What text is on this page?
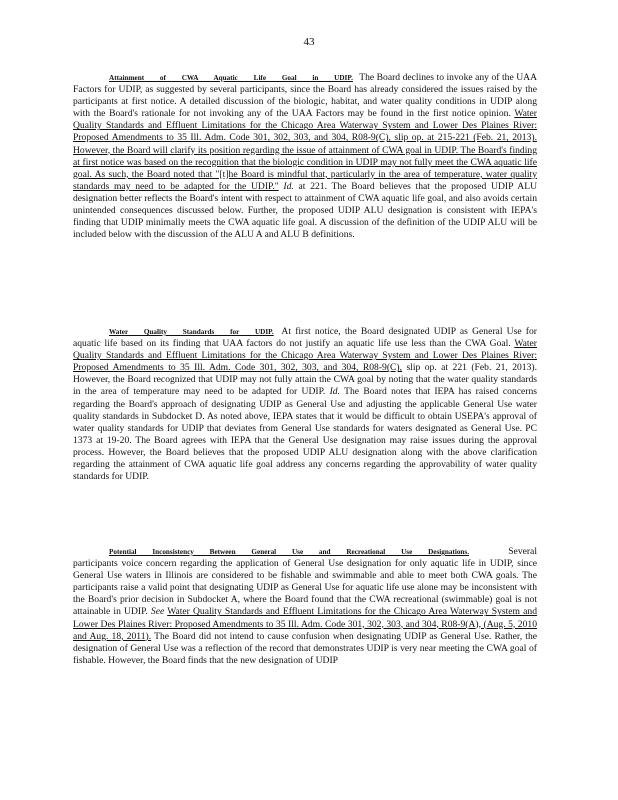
43
Attainment of CWA Aquatic Life Goal in UDIP. The Board declines to invoke any of the UAA Factors for UDIP, as suggested by several participants, since the Board has already considered the issues raised by the participants at first notice. A detailed discussion of the biologic, habitat, and water quality conditions in UDIP along with the Board's rationale for not invoking any of the UAA Factors may be found in the first notice opinion. Water Quality Standards and Effluent Limitations for the Chicago Area Waterway System and Lower Des Plaines River: Proposed Amendments to 35 Ill. Adm. Code 301, 302, 303, and 304, R08-9(C), slip op. at 215-221 (Feb. 21, 2013). However, the Board will clarify its position regarding the issue of attainment of CWA goal in UDIP. The Board's finding at first notice was based on the recognition that the biologic condition in UDIP may not fully meet the CWA aquatic life goal. As such, the Board noted that "[t]he Board is mindful that, particularly in the area of temperature, water quality standards may need to be adapted for the UDIP." Id. at 221. The Board believes that the proposed UDIP ALU designation better reflects the Board's intent with respect to attainment of CWA aquatic life goal, and also avoids certain unintended consequences discussed below. Further, the proposed UDIP ALU designation is consistent with IEPA's finding that UDIP minimally meets the CWA aquatic life goal. A discussion of the definition of the UDIP ALU will be included below with the discussion of the ALU A and ALU B definitions.
Water Quality Standards for UDIP. At first notice, the Board designated UDIP as General Use for aquatic life based on its finding that UAA factors do not justify an aquatic life use less than the CWA Goal. Water Quality Standards and Effluent Limitations for the Chicago Area Waterway System and Lower Des Plaines River: Proposed Amendments to 35 Ill. Adm. Code 301, 302, 303, and 304, R08-9(C), slip op. at 221 (Feb. 21, 2013). However, the Board recognized that UDIP may not fully attain the CWA goal by noting that the water quality standards in the area of temperature may need to be adapted for UDIP. Id. The Board notes that IEPA has raised concerns regarding the Board's approach of designating UDIP as General Use and adjusting the applicable General Use water quality standards in Subdocket D. As noted above, IEPA states that it would be difficult to obtain USEPA's approval of water quality standards for UDIP that deviates from General Use standards for waters designated as General Use. PC 1373 at 19-20. The Board agrees with IEPA that the General Use designation may raise issues during the approval process. However, the Board believes that the proposed UDIP ALU designation along with the above clarification regarding the attainment of CWA aquatic life goal address any concerns regarding the approvability of water quality standards for UDIP.
Potential Inconsistency Between General Use and Recreational Use Designations.	Several participants voice concern regarding the application of General Use designation for only aquatic life in UDIP, since General Use waters in Illinois are considered to be fishable and swimmable and able to meet both CWA goals. The participants raise a valid point that designating UDIP as General Use for aquatic life use alone may be inconsistent with the Board's prior decision in Subdocket A, where the Board found that the CWA recreational (swimmable) goal is not attainable in UDIP. See Water Quality Standards and Effluent Limitations for the Chicago Area Waterway System and Lower Des Plaines River: Proposed Amendments to 35 Ill. Adm. Code 301, 302, 303, and 304, R08-9(A), (Aug. 5, 2010 and Aug. 18, 2011). The Board did not intend to cause confusion when designating UDIP as General Use. Rather, the designation of General Use was a reflection of the record that demonstrates UDIP is very near meeting the CWA goal of fishable. However, the Board finds that the new designation of UDIP
